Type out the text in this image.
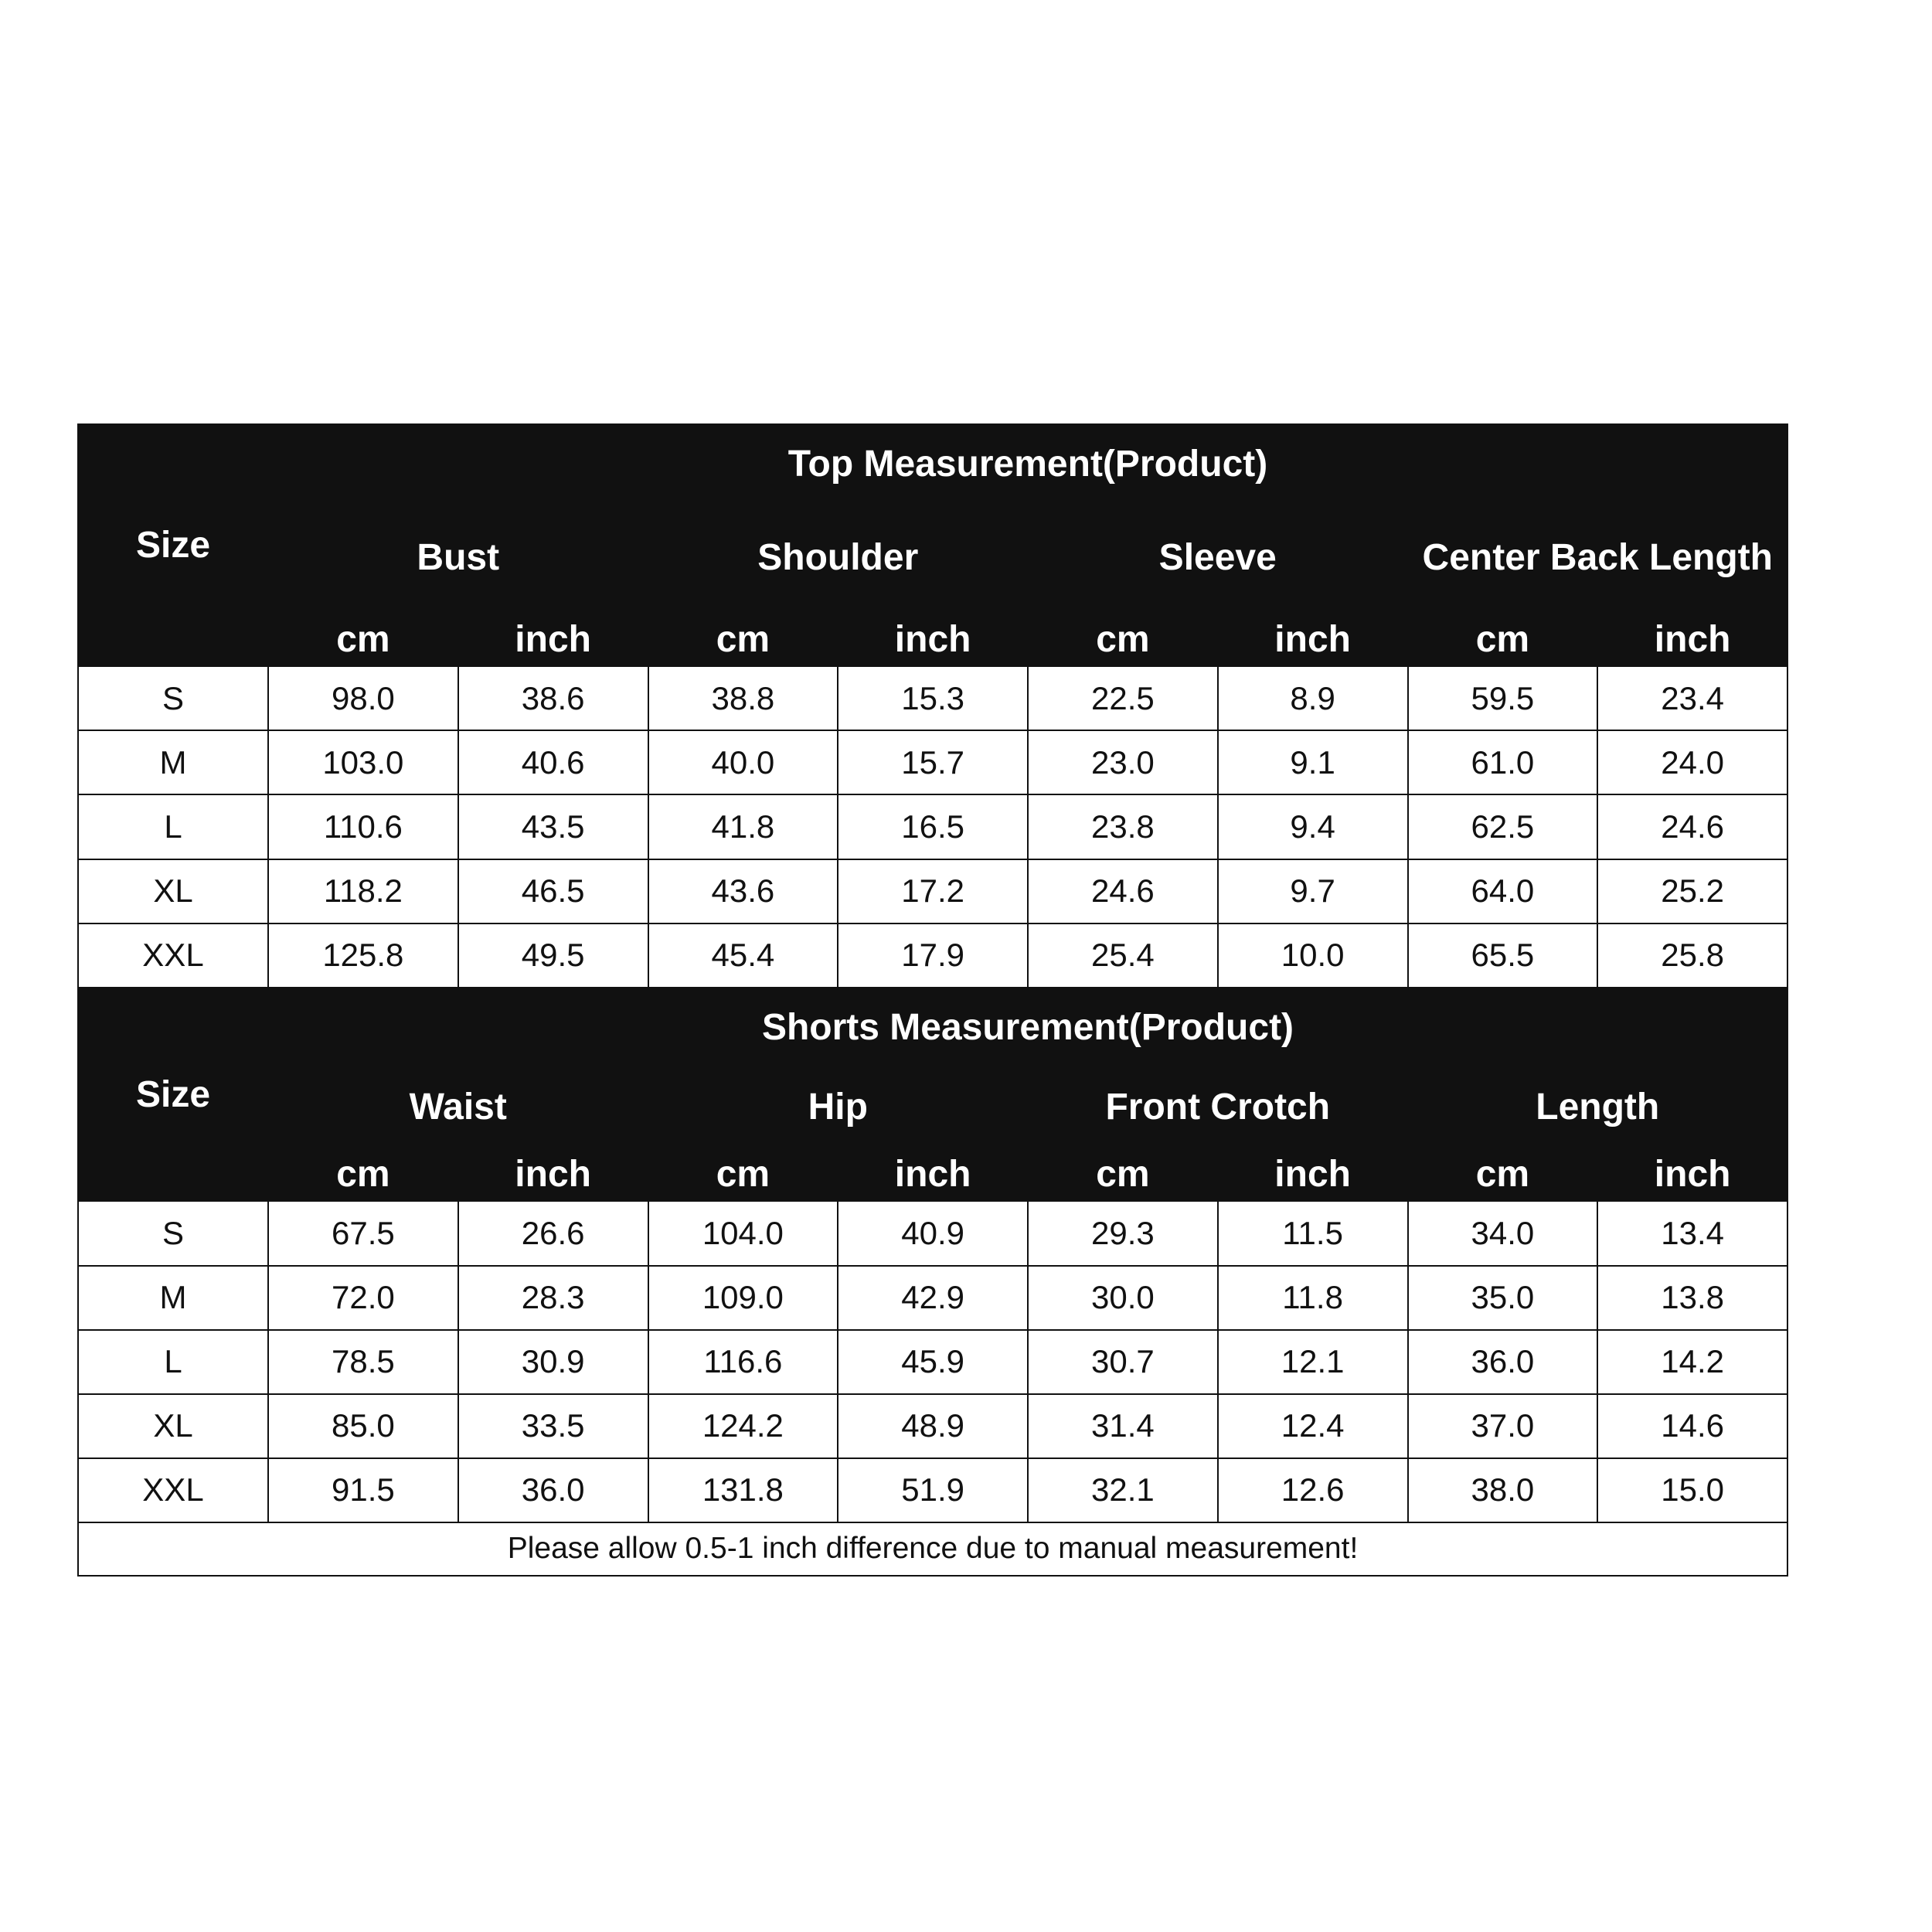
Size	Top Measurement(Product)							
	Bust		Shoulder		Sleeve		Center Back Length	
	cm	inch	cm	inch	cm	inch	cm	inch
S	98.0	38.6	38.8	15.3	22.5	8.9	59.5	23.4
M	103.0	40.6	40.0	15.7	23.0	9.1	61.0	24.0
L	110.6	43.5	41.8	16.5	23.8	9.4	62.5	24.6
XL	118.2	46.5	43.6	17.2	24.6	9.7	64.0	25.2
XXL	125.8	49.5	45.4	17.9	25.4	10.0	65.5	25.8
Size	Shorts Measurement(Product)							
	Waist		Hip		Front Crotch		Length	
	cm	inch	cm	inch	cm	inch	cm	inch
S	67.5	26.6	104.0	40.9	29.3	11.5	34.0	13.4
M	72.0	28.3	109.0	42.9	30.0	11.8	35.0	13.8
L	78.5	30.9	116.6	45.9	30.7	12.1	36.0	14.2
XL	85.0	33.5	124.2	48.9	31.4	12.4	37.0	14.6
XXL	91.5	36.0	131.8	51.9	32.1	12.6	38.0	15.0
Please allow 0.5-1 inch difference due to manual measurement!								
